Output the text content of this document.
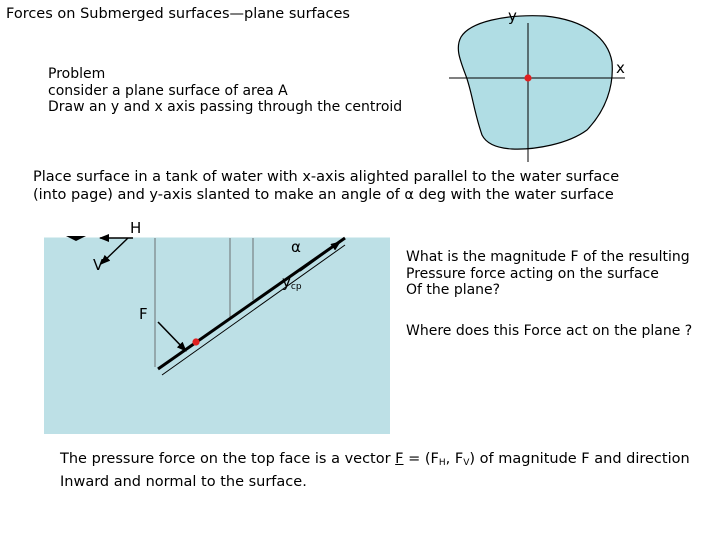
Forces on Submerged surfaces—plane surfaces
Problem
consider a plane surface of area A
Draw an y and x axis passing through the centroid
y
x
Place surface in a tank of water with x-axis alighted parallel to the water surface
(into page) and y-axis slanted to make an angle of α deg with the water surface
H
V
F
α
$y_{cp}$
What is the magnitude F of the resulting
Pressure force acting on the surface
Of the plane?
Where does this Force act on the plane ?
The pressure force on the top face is a vector $F = (F_H$, $F_V$) of magnitude F and direction
Inward and normal to the surface.
